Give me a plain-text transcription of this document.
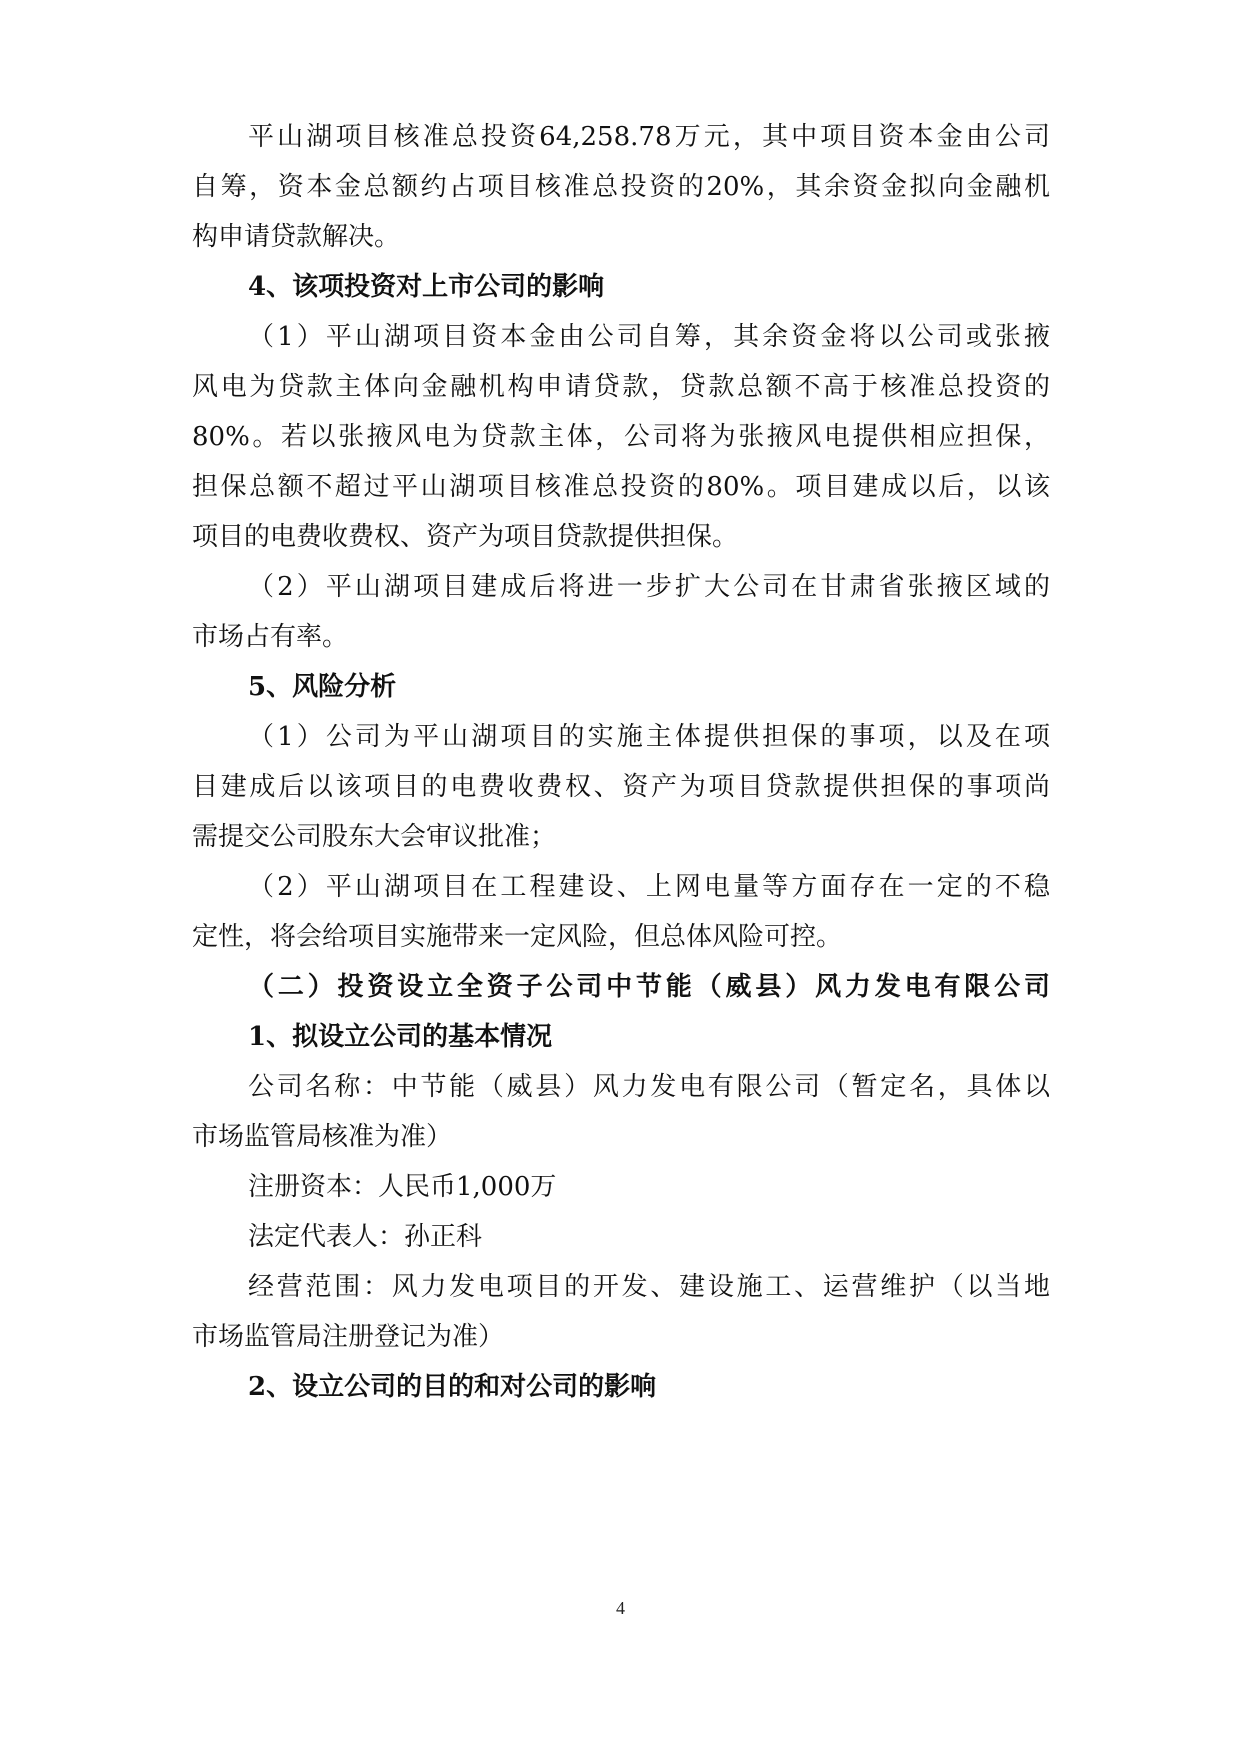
平山湖项目核准总投资64,258.78万元，其中项目资本金由公司
自筹，资本金总额约占项目核准总投资的20%，其余资金拟向金融机
构申请贷款解决。
4、该项投资对上市公司的影响
（1）平山湖项目资本金由公司自筹，其余资金将以公司或张掖
风电为贷款主体向金融机构申请贷款，贷款总额不高于核准总投资的
80%。若以张掖风电为贷款主体，公司将为张掖风电提供相应担保，
担保总额不超过平山湖项目核准总投资的80%。项目建成以后，以该
项目的电费收费权、资产为项目贷款提供担保。
（2）平山湖项目建成后将进一步扩大公司在甘肃省张掖区域的
市场占有率。
5、风险分析
（1）公司为平山湖项目的实施主体提供担保的事项，以及在项
目建成后以该项目的电费收费权、资产为项目贷款提供担保的事项尚
需提交公司股东大会审议批准；
（2）平山湖项目在工程建设、上网电量等方面存在一定的不稳
定性，将会给项目实施带来一定风险，但总体风险可控。
（二）投资设立全资子公司中节能（威县）风力发电有限公司
1、拟设立公司的基本情况
公司名称：中节能（威县）风力发电有限公司（暂定名，具体以
市场监管局核准为准）
注册资本：人民币1,000万
法定代表人：孙正科
经营范围：风力发电项目的开发、建设施工、运营维护（以当地
市场监管局注册登记为准）
2、设立公司的目的和对公司的影响
4
